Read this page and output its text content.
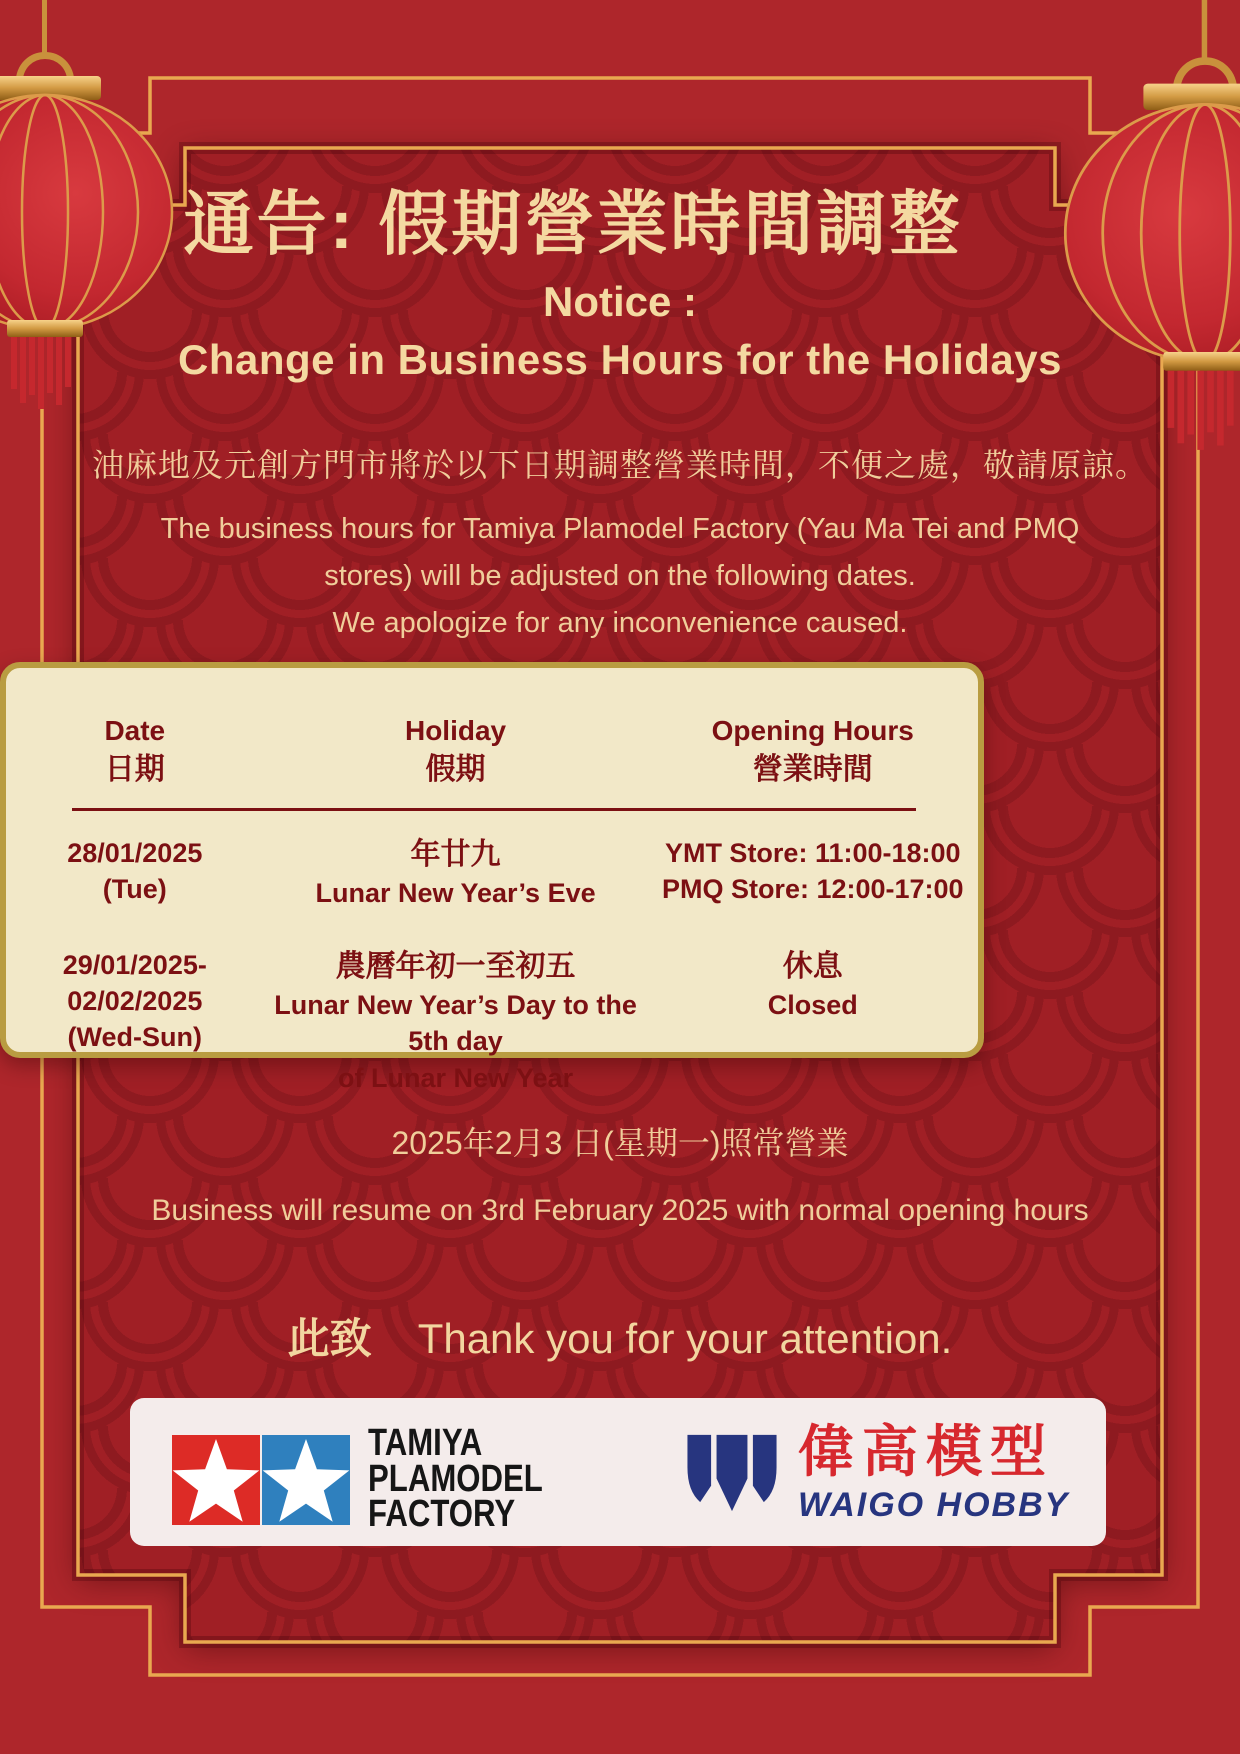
通告: 假期營業時間調整
Notice :
Change in Business Hours for the Holidays

油麻地及元創方門市將於以下日期調整營業時間，不便之處，敬請原諒。

The business hours for Tamiya Plamodel Factory (Yau Ma Tei and PMQ
stores) will be adjusted on the following dates.
We apologize for any inconvenience caused.

Date
日期
Holiday
假期
Opening Hours
營業時間
28/01/2025
(Tue)
年廿九
Lunar New Year’s Eve
YMT Store: 11:00-18:00
PMQ Store: 12:00-17:00
29/01/2025-
02/02/2025
(Wed-Sun)
農曆年初一至初五
Lunar New Year’s Day to the 5th day
of Lunar New Year
休息
Closed
2025年2月3 日(星期一)照常營業
Business will resume on 3rd February 2025 with normal opening hours
此致 Thank you for your attention.
TAMIYA
PLAMODEL
FACTORY
偉高模型
WAIGO HOBBY
